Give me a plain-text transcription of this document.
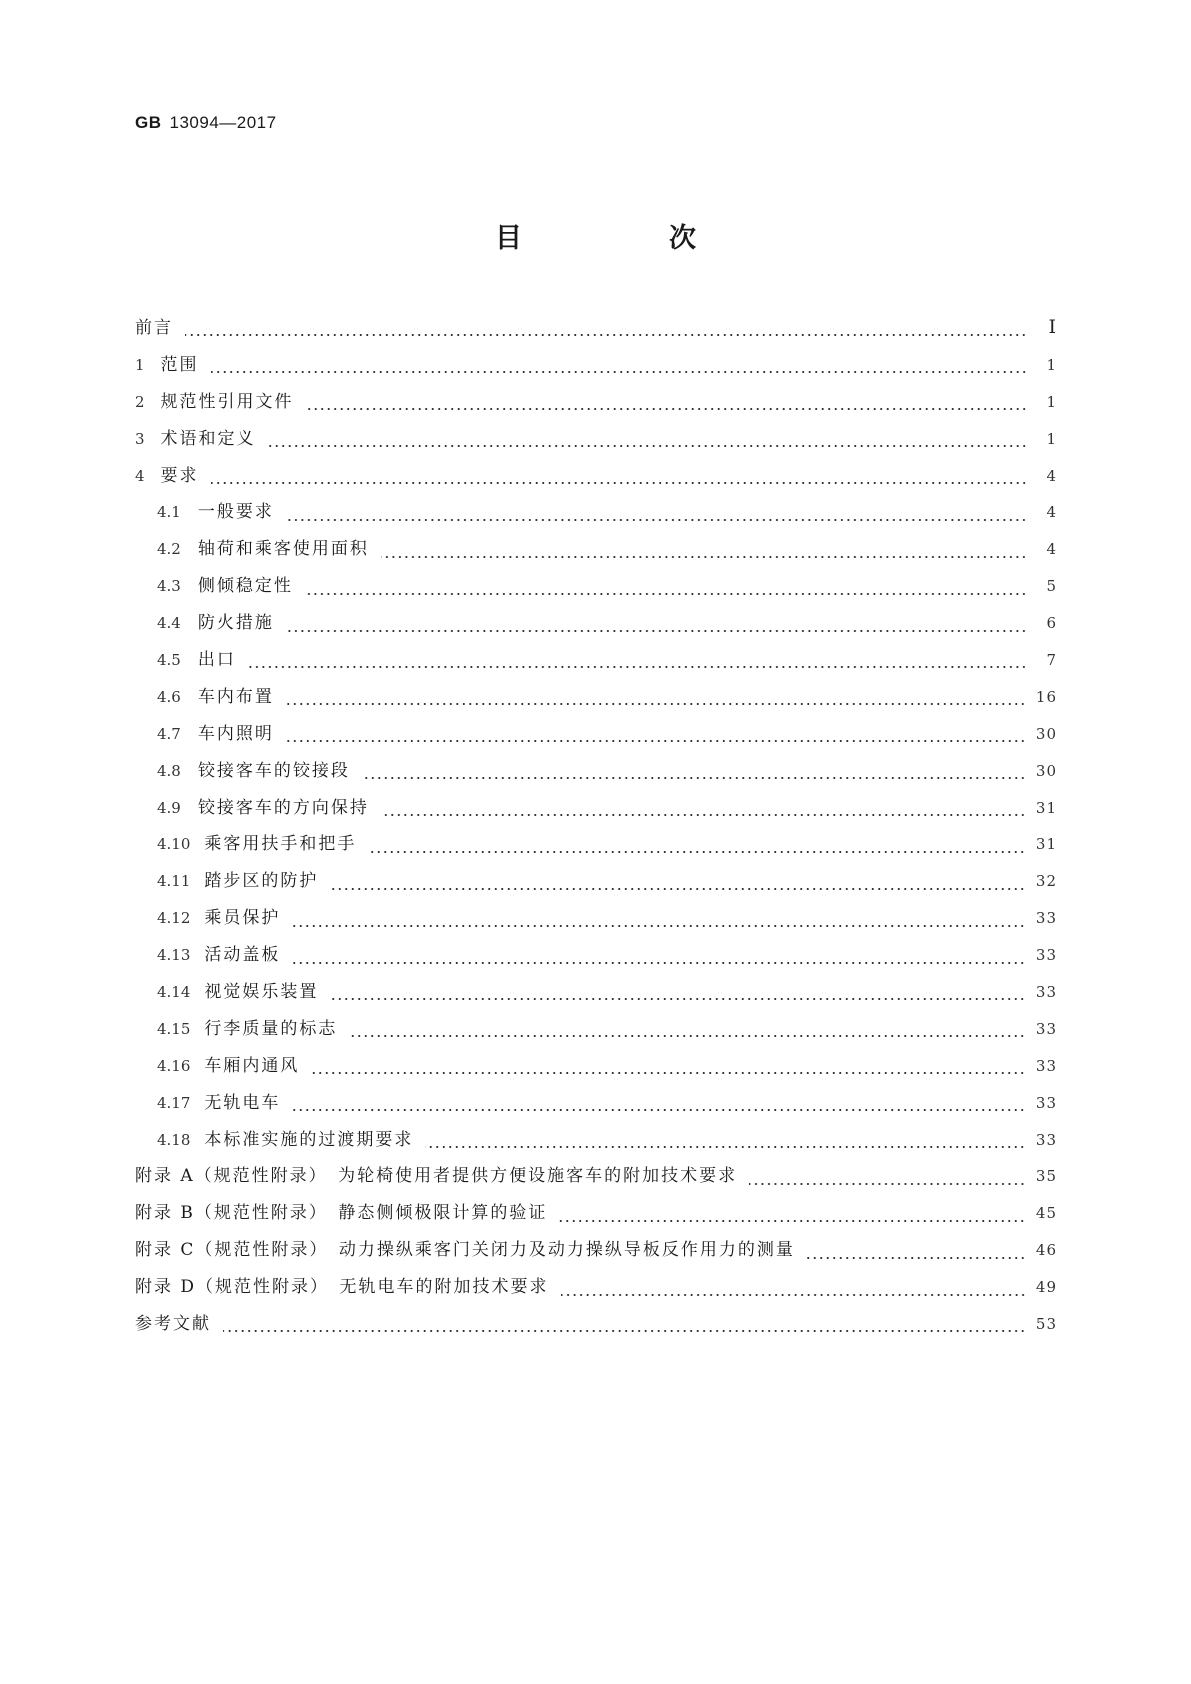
GB 13094—2017
目　次
前言	Ⅰ
1 范围	1
2 规范性引用文件	1
3 术语和定义	1
4 要求	4
4.1 一般要求	4
4.2 轴荷和乘客使用面积	4
4.3 侧倾稳定性	5
4.4 防火措施	6
4.5 出口	7
4.6 车内布置	16
4.7 车内照明	30
4.8 铰接客车的铰接段	30
4.9 铰接客车的方向保持	31
4.10 乘客用扶手和把手	31
4.11 踏步区的防护	32
4.12 乘员保护	33
4.13 活动盖板	33
4.14 视觉娱乐装置	33
4.15 行李质量的标志	33
4.16 车厢内通风	33
4.17 无轨电车	33
4.18 本标准实施的过渡期要求	33
附录 A（规范性附录）　为轮椅使用者提供方便设施客车的附加技术要求	35
附录 B（规范性附录）　静态侧倾极限计算的验证	45
附录 C（规范性附录）　动力操纵乘客门关闭力及动力操纵导板反作用力的测量	46
附录 D（规范性附录）　无轨电车的附加技术要求	49
参考文献	53
